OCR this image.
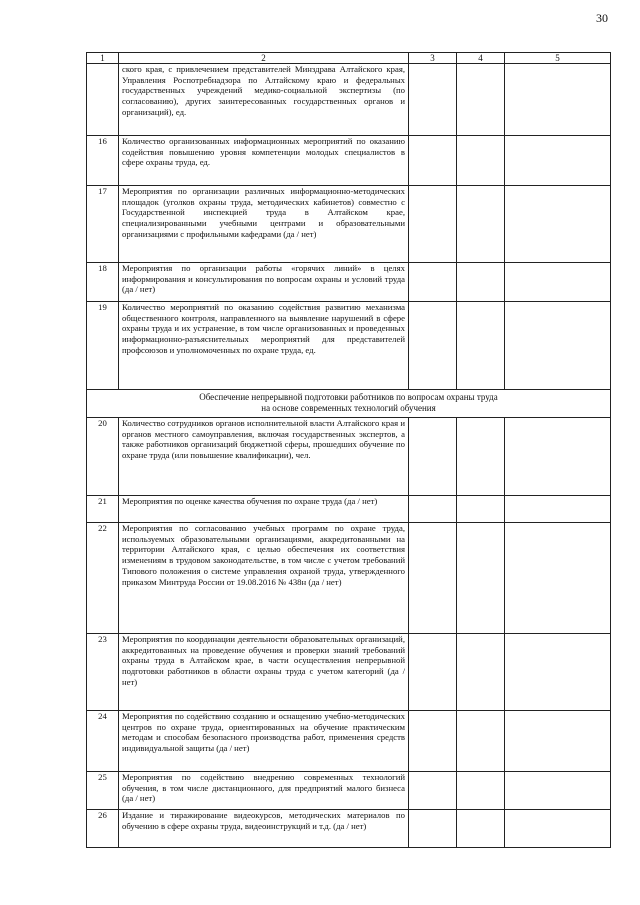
30
1	2	3	4	5
	ского края, с привлечением представителей Минздрава Алтайского края, Управления Роспотребнадзора по Алтайскому краю и федеральных государственных учреждений медико-социальной экспертизы (по согласованию), других заинтересованных государственных органов и организаций), ед.			
16	Количество организованных информационных мероприятий по оказанию содействия повышению уровня компетенции молодых специалистов в сфере охраны труда, ед.			
17	Мероприятия по организации различных информационно-методических площадок (уголков охраны труда, методических кабинетов) совместно с Государственной инспекцией труда в Алтайском крае, специализированными учебными центрами и образовательными организациями с профильными кафедрами (да / нет)			
18	Мероприятия по организации работы «горячих линий» в целях информирования и консультирования по вопросам охраны и условий труда (да / нет)			
19	Количество мероприятий по оказанию содействия развитию механизма общественного контроля, направленного на выявление нарушений в сфере охраны труда и их устранение, в том числе организованных и проведенных информационно-разъяснительных мероприятий для представителей профсоюзов и уполномоченных по охране труда, ед.			

Обеспечение непрерывной подготовки работников по вопросам охраны труда
на основе современных технологий обучения				

20	Количество сотрудников органов исполнительной власти Алтайского края и органов местного самоуправления, включая государственных экспертов, а также работников организаций бюджетной сферы, прошедших обучение по охране труда (или повышение квалификации), чел.			
21	Мероприятия по оценке качества обучения по охране труда (да / нет)			
22	Мероприятия по согласованию учебных программ по охране труда, используемых образовательными организациями, аккредитованными на территории Алтайского края, с целью обеспечения их соответствия изменениям в трудовом законодательстве, в том числе с учетом требований Типового положения о системе управления охраной труда, утвержденного приказом Минтруда России от 19.08.2016 № 438н (да / нет)			
23	Мероприятия по координации деятельности образовательных организаций, аккредитованных на проведение обучения и проверки знаний требований охраны труда в Алтайском крае, в части осуществления непрерывной подготовки работников в области охраны труда с учетом категорий (да / нет)			
24	Мероприятия по содействию созданию и оснащению учебно-методических центров по охране труда, ориентированных на обучение практическим методам и способам безопасного производства работ, применения средств индивидуальной защиты (да / нет)			
25	Мероприятия по содействию внедрению современных технологий обучения, в том числе дистанционного, для предприятий малого бизнеса (да / нет)			
26	Издание и тиражирование видеокурсов, методических материалов по обучению в сфере охраны труда, видеоинструкций и т.д. (да / нет)			
